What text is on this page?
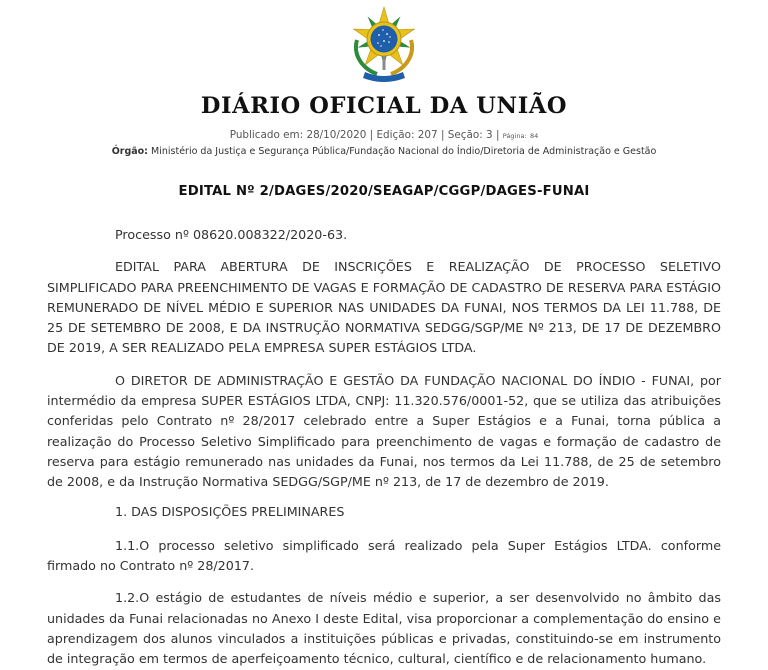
DIÁRIO OFICIAL DA UNIÃO
Publicado em: 28/10/2020 | Edição: 207 | Seção: 3 | Página: 84
Órgão: Ministério da Justiça e Segurança Pública/Fundação Nacional do Índio/Diretoria de Administração e Gestão
EDITAL Nº 2/DAGES/2020/SEAGAP/CGGP/DAGES-FUNAI

Processo nº 08620.008322/2020-63.

EDITAL PARA ABERTURA DE INSCRIÇÕES E REALIZAÇÃO DE PROCESSO SELETIVO SIMPLIFICADO PARA PREENCHIMENTO DE VAGAS E FORMAÇÃO DE CADASTRO DE RESERVA PARA ESTÁGIO REMUNERADO DE NÍVEL MÉDIO E SUPERIOR NAS UNIDADES DA FUNAI, NOS TERMOS DA LEI 11.788, DE 25 DE SETEMBRO DE 2008, E DA INSTRUÇÃO NORMATIVA SEDGG/SGP/ME Nº 213, DE 17 DE DEZEMBRO DE 2019, A SER REALIZADO PELA EMPRESA SUPER ESTÁGIOS LTDA.

O DIRETOR DE ADMINISTRAÇÃO E GESTÃO DA FUNDAÇÃO NACIONAL DO ÍNDIO - FUNAI, por intermédio da empresa SUPER ESTÁGIOS LTDA, CNPJ: 11.320.576/0001-52, que se utiliza das atribuições conferidas pelo Contrato nº 28/2017 celebrado entre a Super Estágios e a Funai, torna pública a realização do Processo Seletivo Simplificado para preenchimento de vagas e formação de cadastro de reserva para estágio remunerado nas unidades da Funai, nos termos da Lei 11.788, de 25 de setembro de 2008, e da Instrução Normativa SEDGG/SGP/ME nº 213, de 17 de dezembro de 2019.

1. DAS DISPOSIÇÕES PRELIMINARES

1.1.O processo seletivo simplificado será realizado pela Super Estágios LTDA. conforme firmado no Contrato nº 28/2017.

1.2.O estágio de estudantes de níveis médio e superior, a ser desenvolvido no âmbito das unidades da Funai relacionadas no Anexo I deste Edital, visa proporcionar a complementação do ensino e aprendizagem dos alunos vinculados a instituições públicas e privadas, constituindo-se em instrumento de integração em termos de aperfeiçoamento técnico, cultural, científico e de relacionamento humano.
